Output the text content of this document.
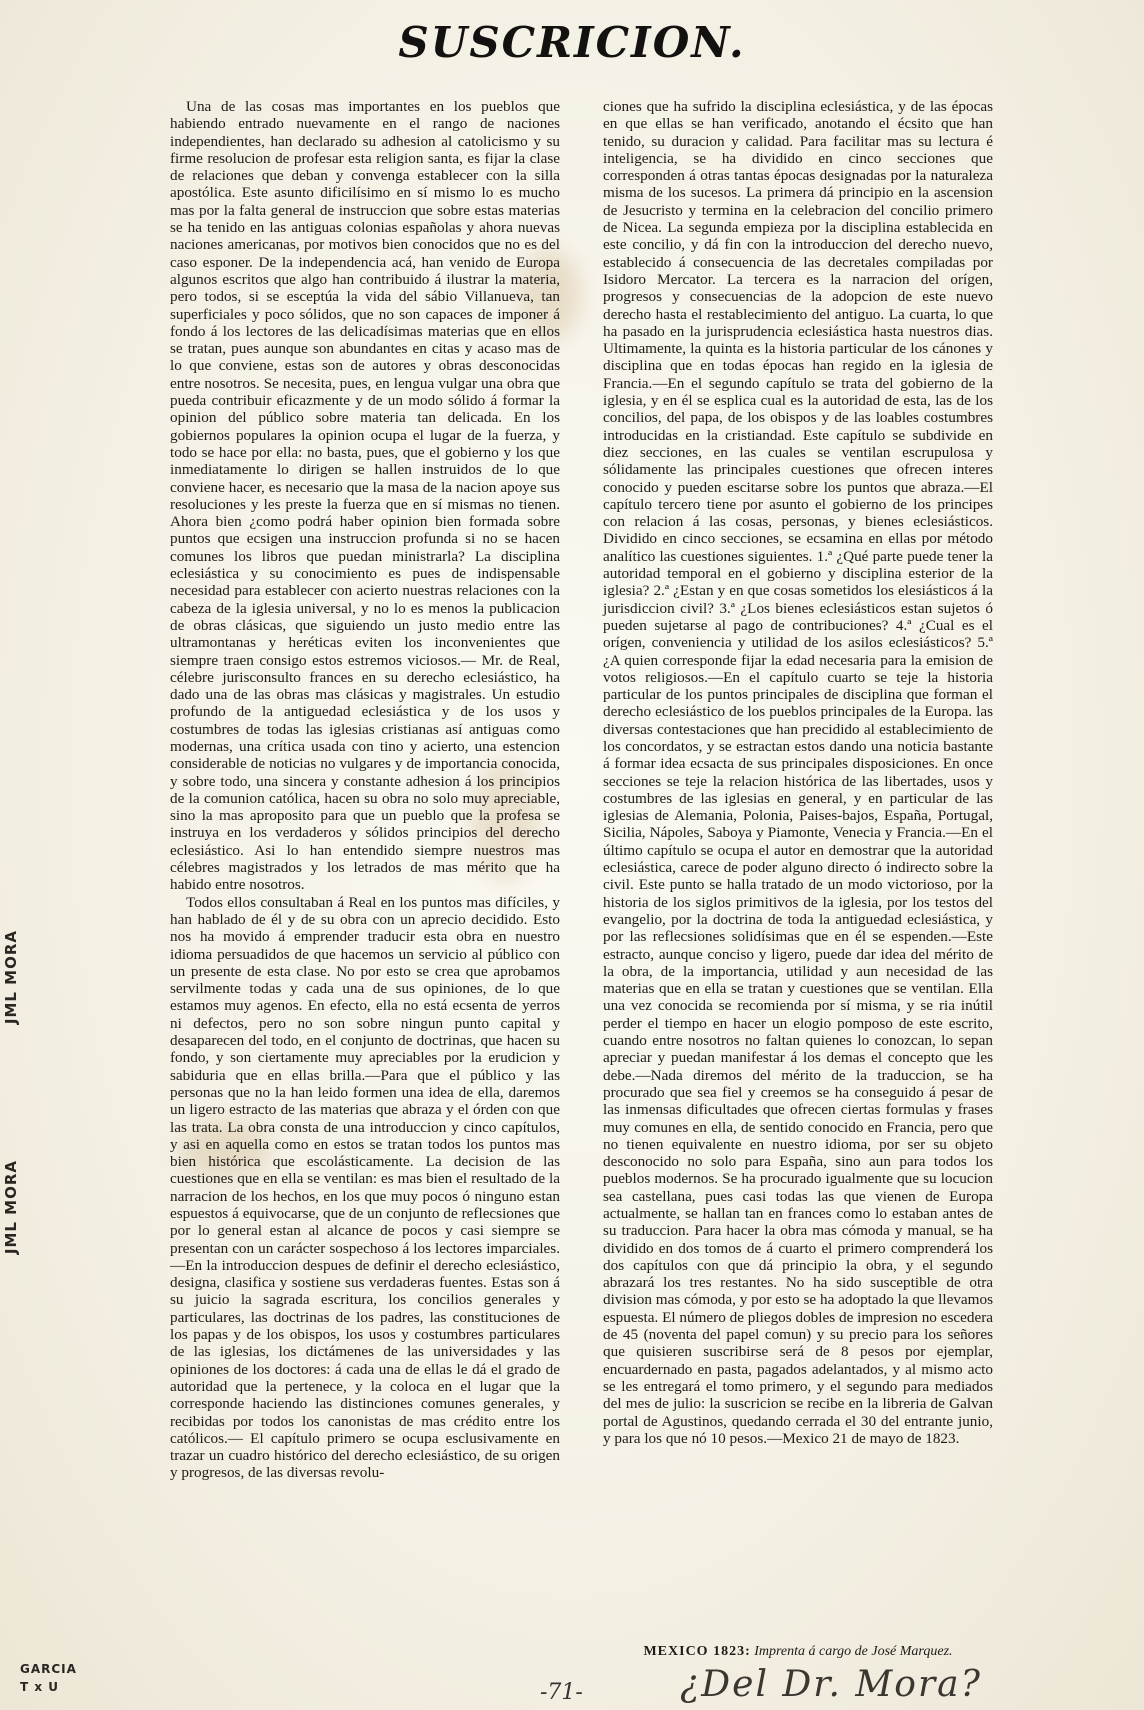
SUSCRICION.

Una de las cosas mas importantes en los pueblos que habiendo entrado nuevamente en el rango de naciones independientes, han declarado su adhesion al catolicismo y su firme resolucion de profesar esta religion santa, es fijar la clase de relaciones que deban y convenga establecer con la silla apostólica. Este asunto dificilísimo en sí mismo lo es mucho mas por la falta general de instruccion que sobre estas materias se ha tenido en las antiguas colonias españolas y ahora nuevas naciones americanas, por motivos bien conocidos que no es del caso esponer. De la independencia acá, han venido de Europa algunos escritos que algo han contribuido á ilustrar la materia, pero todos, si se esceptúa la vida del sábio Villanueva, tan superficiales y poco sólidos, que no son capaces de imponer á fondo á los lectores de las delicadísimas materias que en ellos se tratan, pues aunque son abundantes en citas y acaso mas de lo que conviene, estas son de autores y obras desconocidas entre nosotros. Se necesita, pues, en lengua vulgar una obra que pueda contribuir eficazmente y de un modo sólido á formar la opinion del público sobre materia tan delicada. En los gobiernos populares la opinion ocupa el lugar de la fuerza, y todo se hace por ella: no basta, pues, que el gobierno y los que inmediatamente lo dirigen se hallen instruidos de lo que conviene hacer, es necesario que la masa de la nacion apoye sus resoluciones y les preste la fuerza que en sí mismas no tienen. Ahora bien ¿como podrá haber opinion bien formada sobre puntos que ecsigen una instruccion profunda si no se hacen comunes los libros que puedan ministrarla? La disciplina eclesiástica y su conocimiento es pues de indispensable necesidad para establecer con acierto nuestras relaciones con la cabeza de la iglesia universal, y no lo es menos la publicacion de obras clásicas, que siguiendo un justo medio entre las ultramontanas y heréticas eviten los inconvenientes que siempre traen consigo estos estremos viciosos.— Mr. de Real, célebre jurisconsulto frances en su derecho eclesiástico, ha dado una de las obras mas clásicas y magistrales. Un estudio profundo de la antiguedad eclesiástica y de los usos y costumbres de todas las iglesias cristianas así antiguas como modernas, una crítica usada con tino y acierto, una estencion considerable de noticias no vulgares y de importancia conocida, y sobre todo, una sincera y constante adhesion á los principios de la comunion católica, hacen su obra no solo muy apreciable, sino la mas aproposito para que un pueblo que la profesa se instruya en los verdaderos y sólidos principios del derecho eclesiástico. Asi lo han entendido siempre nuestros mas célebres magistrados y los letrados de mas mérito que ha habido entre nosotros.

Todos ellos consultaban á Real en los puntos mas difíciles, y han hablado de él y de su obra con un aprecio decidido. Esto nos ha movido á emprender traducir esta obra en nuestro idioma persuadidos de que hacemos un servicio al público con un presente de esta clase. No por esto se crea que aprobamos servilmente todas y cada una de sus opiniones, de lo que estamos muy agenos. En efecto, ella no está ecsenta de yerros ni defectos, pero no son sobre ningun punto capital y desaparecen del todo, en el conjunto de doctrinas, que hacen su fondo, y son ciertamente muy apreciables por la erudicion y sabiduria que en ellas brilla.—Para que el público y las personas que no la han leido formen una idea de ella, daremos un ligero estracto de las materias que abraza y el órden con que las trata. La obra consta de una introduccion y cinco capítulos, y asi en aquella como en estos se tratan todos los puntos mas bien histórica que escolásticamente. La decision de las cuestiones que en ella se ventilan: es mas bien el resultado de la narracion de los hechos, en los que muy pocos ó ninguno estan espuestos á equivocarse, que de un conjunto de reflecsiones que por lo general estan al alcance de pocos y casi siempre se presentan con un carácter sospechoso á los lectores imparciales.—En la introduccion despues de definir el derecho eclesiástico, designa, clasifica y sostiene sus verdaderas fuentes. Estas son á su juicio la sagrada escritura, los concilios generales y particulares, las doctrinas de los padres, las constituciones de los papas y de los obispos, los usos y costumbres particulares de las iglesias, los dictámenes de las universidades y las opiniones de los doctores: á cada una de ellas le dá el grado de autoridad que la pertenece, y la coloca en el lugar que la corresponde haciendo las distinciones comunes generales, y recibidas por todos los canonistas de mas crédito entre los católicos.— El capítulo primero se ocupa esclusivamente en trazar un cuadro histórico del derecho eclesiástico, de su origen y progresos, de las diversas revolu-

ciones que ha sufrido la disciplina eclesiástica, y de las épocas en que ellas se han verificado, anotando el écsito que han tenido, su duracion y calidad. Para facilitar mas su lectura é inteligencia, se ha dividido en cinco secciones que corresponden á otras tantas épocas designadas por la naturaleza misma de los sucesos. La primera dá principio en la ascension de Jesucristo y termina en la celebracion del concilio primero de Nicea. La segunda empieza por la disciplina establecida en este concilio, y dá fin con la introduccion del derecho nuevo, establecido á consecuencia de las decretales compiladas por Isidoro Mercator. La tercera es la narracion del orígen, progresos y consecuencias de la adopcion de este nuevo derecho hasta el restablecimiento del antiguo. La cuarta, lo que ha pasado en la jurisprudencia eclesiástica hasta nuestros dias. Ultimamente, la quinta es la historia particular de los cánones y disciplina que en todas épocas han regido en la iglesia de Francia.—En el segundo capítulo se trata del gobierno de la iglesia, y en él se esplica cual es la autoridad de esta, las de los concilios, del papa, de los obispos y de las loables costumbres introducidas en la cristiandad. Este capítulo se subdivide en diez secciones, en las cuales se ventilan escrupulosa y sólidamente las principales cuestiones que ofrecen interes conocido y pueden escitarse sobre los puntos que abraza.—El capítulo tercero tiene por asunto el gobierno de los principes con relacion á las cosas, personas, y bienes eclesiásticos. Dividido en cinco secciones, se ecsamina en ellas por método analítico las cuestiones siguientes. 1.ª ¿Qué parte puede tener la autoridad temporal en el gobierno y disciplina esterior de la iglesia? 2.ª ¿Estan y en que cosas sometidos los elesiásticos á la jurisdiccion civil? 3.ª ¿Los bienes eclesiásticos estan sujetos ó pueden sujetarse al pago de contribuciones? 4.ª ¿Cual es el orígen, conveniencia y utilidad de los asilos eclesiásticos? 5.ª ¿A quien corresponde fijar la edad necesaria para la emision de votos religiosos.—En el capítulo cuarto se teje la historia particular de los puntos principales de disciplina que forman el derecho eclesiástico de los pueblos principales de la Europa. las diversas contestaciones que han precidido al establecimiento de los concordatos, y se estractan estos dando una noticia bastante á formar idea ecsacta de sus principales disposiciones. En once secciones se teje la relacion histórica de las libertades, usos y costumbres de las iglesias en general, y en particular de las iglesias de Alemania, Polonia, Paises-bajos, España, Portugal, Sicilia, Nápoles, Saboya y Piamonte, Venecia y Francia.—En el último capítulo se ocupa el autor en demostrar que la autoridad eclesiástica, carece de poder alguno directo ó indirecto sobre la civil. Este punto se halla tratado de un modo victorioso, por la historia de los siglos primitivos de la iglesia, por los testos del evangelio, por la doctrina de toda la antiguedad eclesiástica, y por las reflecsiones solidísimas que en él se espenden.—Este estracto, aunque conciso y ligero, puede dar idea del mérito de la obra, de la importancia, utilidad y aun necesidad de las materias que en ella se tratan y cuestiones que se ventilan. Ella una vez conocida se recomienda por sí misma, y se ria inútil perder el tiempo en hacer un elogio pomposo de este escrito, cuando entre nosotros no faltan quienes lo conozcan, lo sepan apreciar y puedan manifestar á los demas el concepto que les debe.—Nada diremos del mérito de la traduccion, se ha procurado que sea fiel y creemos se ha conseguido á pesar de las inmensas dificultades que ofrecen ciertas formulas y frases muy comunes en ella, de sentido conocido en Francia, pero que no tienen equivalente en nuestro idioma, por ser su objeto desconocido no solo para España, sino aun para todos los pueblos modernos. Se ha procurado igualmente que su locucion sea castellana, pues casi todas las que vienen de Europa actualmente, se hallan tan en frances como lo estaban antes de su traduccion. Para hacer la obra mas cómoda y manual, se ha dividido en dos tomos de á cuarto el primero comprenderá los dos capítulos con que dá principio la obra, y el segundo abrazará los tres restantes. No ha sido susceptible de otra division mas cómoda, y por esto se ha adoptado la que llevamos espuesta. El número de pliegos dobles de impresion no escedera de 45 (noventa del papel comun) y su precio para los señores que quisieren suscribirse será de 8 pesos por ejemplar, encuardernado en pasta, pagados adelantados, y al mismo acto se les entregará el tomo primero, y el segundo para mediados del mes de julio: la suscricion se recibe en la libreria de Galvan portal de Agustinos, quedando cerrada el 30 del entrante junio, y para los que nó 10 pesos.—Mexico 21 de mayo de 1823.

MEXICO 1823: Imprenta á cargo de José Marquez.
JML MORA
JML MORA
GARCIA
T x U	-71-	¿Del Dr. Mora?
